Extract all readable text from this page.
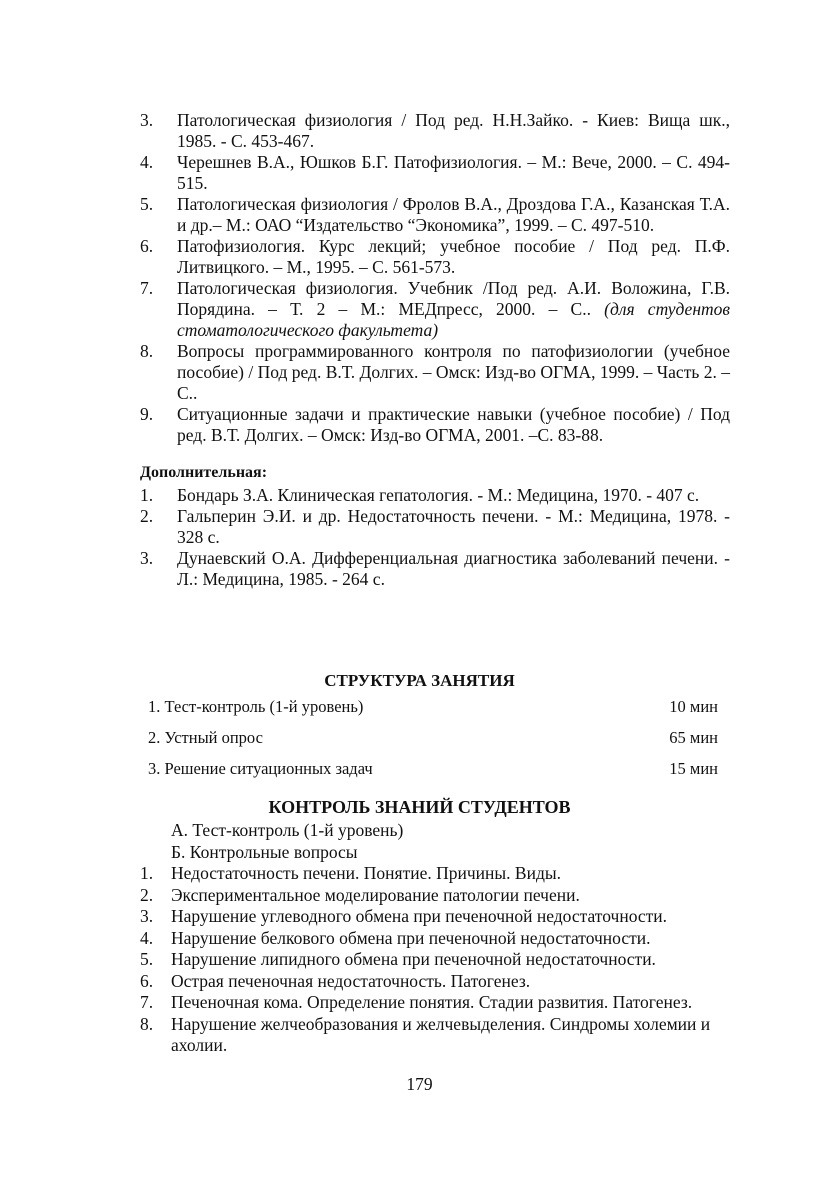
3. Патологическая физиология / Под ред. Н.Н.Зайко. - Киев: Вища шк., 1985. - С. 453-467.
4. Черешнев В.А., Юшков Б.Г. Патофизиология. – М.: Вече, 2000. – С. 494-515.
5. Патологическая физиология / Фролов В.А., Дроздова Г.А., Казанская Т.А. и др.– М.: ОАО “Издательство “Экономика”, 1999. – С. 497-510.
6. Патофизиология. Курс лекций; учебное пособие / Под ред. П.Ф. Литвицкого. – М., 1995. – С. 561-573.
7. Патологическая физиология. Учебник /Под ред. А.И. Воложина, Г.В. Порядина. – Т. 2 – М.: МЕДпресс, 2000. – С.. (для студентов стоматологического факультета)
8. Вопросы программированного контроля по патофизиологии (учебное пособие) / Под ред. В.Т. Долгих. – Омск: Изд-во ОГМА, 1999. – Часть 2. – С..
9. Ситуационные задачи и практические навыки (учебное пособие) / Под ред. В.Т. Долгих. – Омск: Изд-во ОГМА, 2001. –С. 83-88.
Дополнительная:
1. Бондарь З.А. Клиническая гепатология. - М.: Медицина, 1970. - 407 с.
2. Гальперин Э.И. и др. Недостаточность печени. - М.: Медицина, 1978. - 328 с.
3. Дунаевский О.А. Дифференциальная диагностика заболеваний печени. - Л.: Медицина, 1985. - 264 с.
СТРУКТУРА ЗАНЯТИЯ
1. Тест-контроль (1-й уровень)	10 мин
2. Устный опрос	65 мин
3. Решение ситуационных задач	15 мин
КОНТРОЛЬ ЗНАНИЙ СТУДЕНТОВ
А. Тест-контроль (1-й уровень)
Б. Контрольные вопросы
1. Недостаточность печени. Понятие. Причины. Виды.
2. Экспериментальное моделирование патологии печени.
3. Нарушение углеводного обмена при печеночной недостаточности.
4. Нарушение белкового обмена при печеночной недостаточности.
5. Нарушение липидного обмена при печеночной недостаточности.
6. Острая печеночная недостаточность. Патогенез.
7. Печеночная кома. Определение понятия. Стадии развития. Патогенез.
8. Нарушение желчеобразования и желчевыделения. Синдромы холемии и ахолии.
179
